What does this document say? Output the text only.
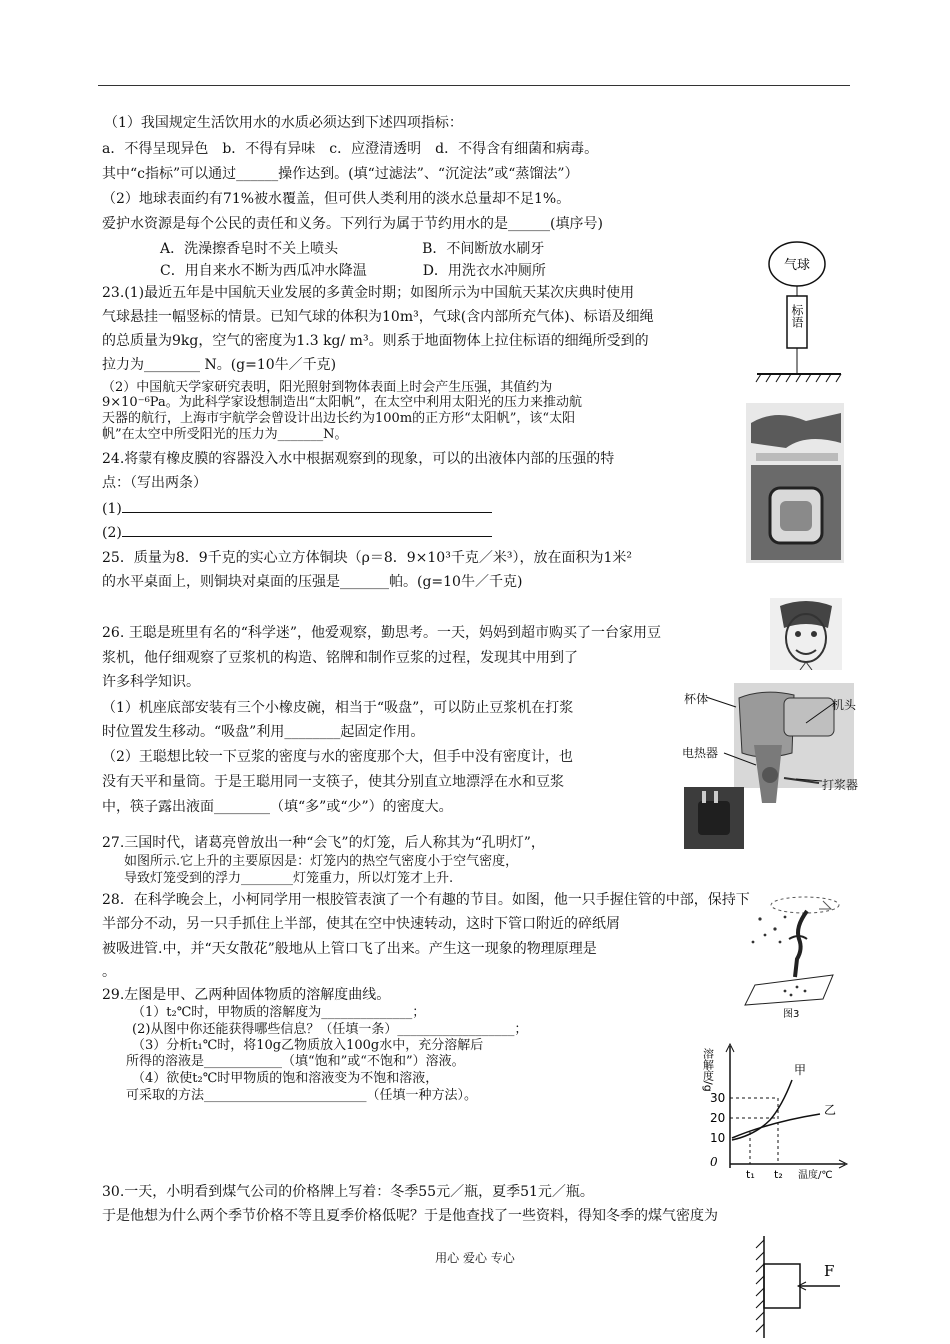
（1）我国规定生活饮用水的水质必须达到下述四项指标：
a．不得呈现异色　b．不得有异味　c．应澄清透明　d．不得含有细菌和病毒。
其中“c指标”可以通过______操作达到。(填“过滤法”、“沉淀法”或“蒸馏法”）
（2）地球表面约有71%被水覆盖，但可供人类利用的淡水总量却不足1%。
爱护水资源是每个公民的责任和义务。下列行为属于节约用水的是______(填序号)
A．洗澡擦香皂时不关上喷头　　　　　　B．不间断放水刷牙
C．用自来水不断为西瓜冲水降温　　　　D．用洗衣水冲厕所
23.(1)最近五年是中国航天业发展的多黄金时期；如图所示为中国航天某次庆典时使用
气球悬挂一幅竖标的情景。已知气球的体积为10m³，气球(含内部所充气体)、标语及细绳
的总质量为9kg，空气的密度为1.3 kg/ m³。则系于地面物体上拉住标语的细绳所受到的
拉力为________ N。(g=10牛／千克)
（2）中国航天学家研究表明，阳光照射到物体表面上时会产生压强，其值约为
9×10⁻⁶Pa。为此科学家设想制造出“太阳帆”，在太空中利用太阳光的压力来推动航
天器的航行，上海市宇航学会曾设计出边长约为100m的正方形“太阳帆”，该“太阳
帆”在太空中所受阳光的压力为_______N。
24.将蒙有橡皮膜的容器没入水中根据观察到的现象，可以的出液体内部的压强的特
点：（写出两条）
(1)
(2)
25．质量为8．9千克的实心立方体铜块（ρ＝8．9×10³千克／米³），放在面积为1米²
的水平桌面上，则铜块对桌面的压强是_______帕。(g=10牛／千克)
26. 王聪是班里有名的“科学迷”，他爱观察，勤思考。一天，妈妈到超市购买了一台家用豆
浆机，他仔细观察了豆浆机的构造、铭牌和制作豆浆的过程，发现其中用到了
许多科学知识。
（1）机座底部安装有三个小橡皮碗，相当于“吸盘”，可以防止豆浆机在打浆
时位置发生移动。“吸盘”利用________起固定作用。
（2）王聪想比较一下豆浆的密度与水的密度那个大，但手中没有密度计，也
没有天平和量筒。于是王聪用同一支筷子，使其分别直立地漂浮在水和豆浆
中，筷子露出液面________（填“多”或“少”）的密度大。
27.三国时代，诸葛亮曾放出一种“会飞”的灯笼，后人称其为“孔明灯”，
如图所示.它上升的主要原因是：灯笼内的热空气密度小于空气密度，
导致灯笼受到的浮力________灯笼重力，所以灯笼才上升.
28．在科学晚会上，小柯同学用一根胶管表演了一个有趣的节目。如图，他一只手握住管的中部，保持下
半部分不动，另一只手抓住上半部，使其在空中快速转动，这时下管口附近的碎纸屑
被吸进管.中，并“天女散花”般地从上管口飞了出来。产生这一现象的物理原理是
。
29.左图是甲、乙两种固体物质的溶解度曲线。
（1）t₂℃时，甲物质的溶解度为______________；
(2)从图中你还能获得哪些信息？（任填一条）__________________；
（3）分析t₁℃时，将10g乙物质放入100g水中，充分溶解后
所得的溶液是____________（填“饱和”或“不饱和”）溶液。
（4）欲使t₂℃时甲物质的饱和溶液变为不饱和溶液，
可采取的方法_________________________（任填一种方法）。
30.一天，小明看到煤气公司的价格牌上写着：冬季55元／瓶，夏季51元／瓶。
于是他想为什么两个季节价格不等且夏季价格低呢？于是他查找了一些资料，得知冬季的煤气密度为
气球
标语
杯体	机头
电热器
打浆器
图3
溶解度/g
30
20
10
0
甲
乙
t₁ t₂ 温度/℃
F
用心 爱心 专心
